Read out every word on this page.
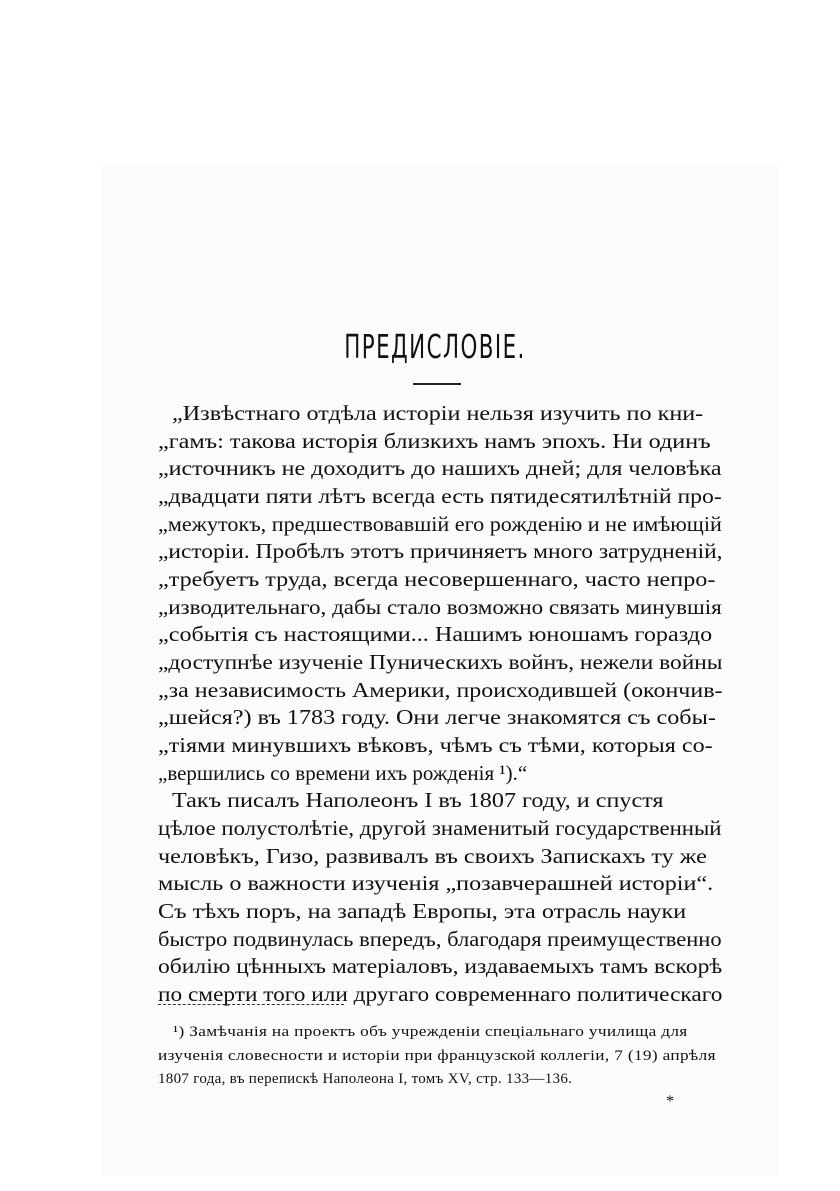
ПРЕДИСЛОВІЕ.
„Извѣстнаго отдѣла исторіи нельзя изучить по кни-
„гамъ: такова исторія близкихъ намъ эпохъ. Ни одинъ
„источникъ не доходитъ до нашихъ дней; для человѣка
„двадцати пяти лѣтъ всегда есть пятидесятилѣтній про-
„межутокъ, предшествовавшій его рожденію и не имѣющій
„исторіи. Пробѣлъ этотъ причиняетъ много затрудненій,
„требуетъ труда, всегда несовершеннаго, часто непро-
„изводительнаго, дабы стало возможно связать минувшія
„событія съ настоящими... Нашимъ юношамъ гораздо
„доступнѣе изученіе Пуническихъ войнъ, нежели войны
„за независимость Америки, происходившей (окончив-
„шейся?) въ 1783 году. Они легче знакомятся съ собы-
„тіями минувшихъ вѣковъ, чѣмъ съ тѣми, которыя со-
„вершились со времени ихъ рожденія ¹).“
Такъ писалъ Наполеонъ I въ 1807 году, и спустя
цѣлое полустолѣтіе, другой знаменитый государственный
человѣкъ, Гизо, развивалъ въ своихъ Запискахъ ту же
мысль о важности изученія „позавчерашней исторіи“.
Съ тѣхъ поръ, на западѣ Европы, эта отрасль науки
быстро подвинулась впередъ, благодаря преимущественно
обилію цѣнныхъ матеріаловъ, издаваемыхъ тамъ вскорѣ
по смерти того или другаго современнаго политическаго
¹) Замѣчанія на проектъ объ учрежденіи спеціальнаго училища для
изученія словесности и исторіи при французской коллегіи, 7 (19) апрѣля
1807 года, въ перепискѣ Наполеона I, томъ XV, стр. 133—136.
*
